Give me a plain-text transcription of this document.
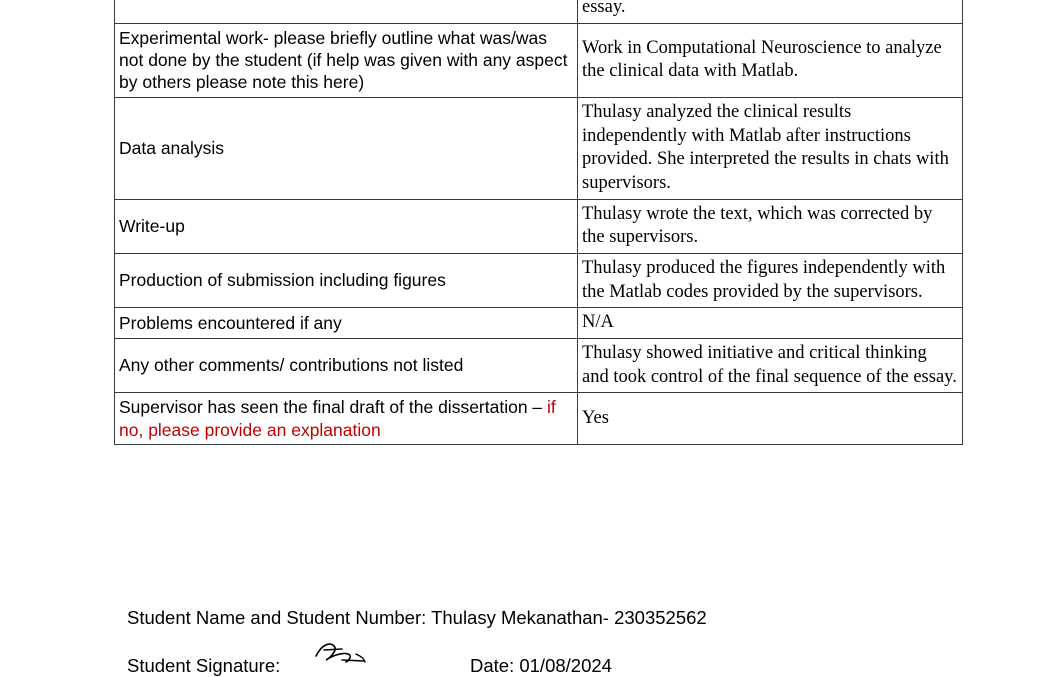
	essay.
Experimental work- please briefly outline what was/was not done by the student (if help was given with any aspect by others please note this here)	Work in Computational Neuroscience to analyze the clinical data with Matlab.
Data analysis	Thulasy analyzed the clinical results independently with Matlab after instructions provided. She interpreted the results in chats with supervisors.
Write-up	Thulasy wrote the text, which was corrected by the supervisors.
Production of submission including figures	Thulasy produced the figures independently with the Matlab codes provided by the supervisors.
Problems encountered if any	N/A
Any other comments/ contributions not listed	Thulasy showed initiative and critical thinking and took control of the final sequence of the essay.
Supervisor has seen the final draft of the dissertation – if no, please provide an explanation	Yes
Student Name and Student Number: Thulasy Mekanathan- 230352562
Student Signature:	Date: 01/08/2024
